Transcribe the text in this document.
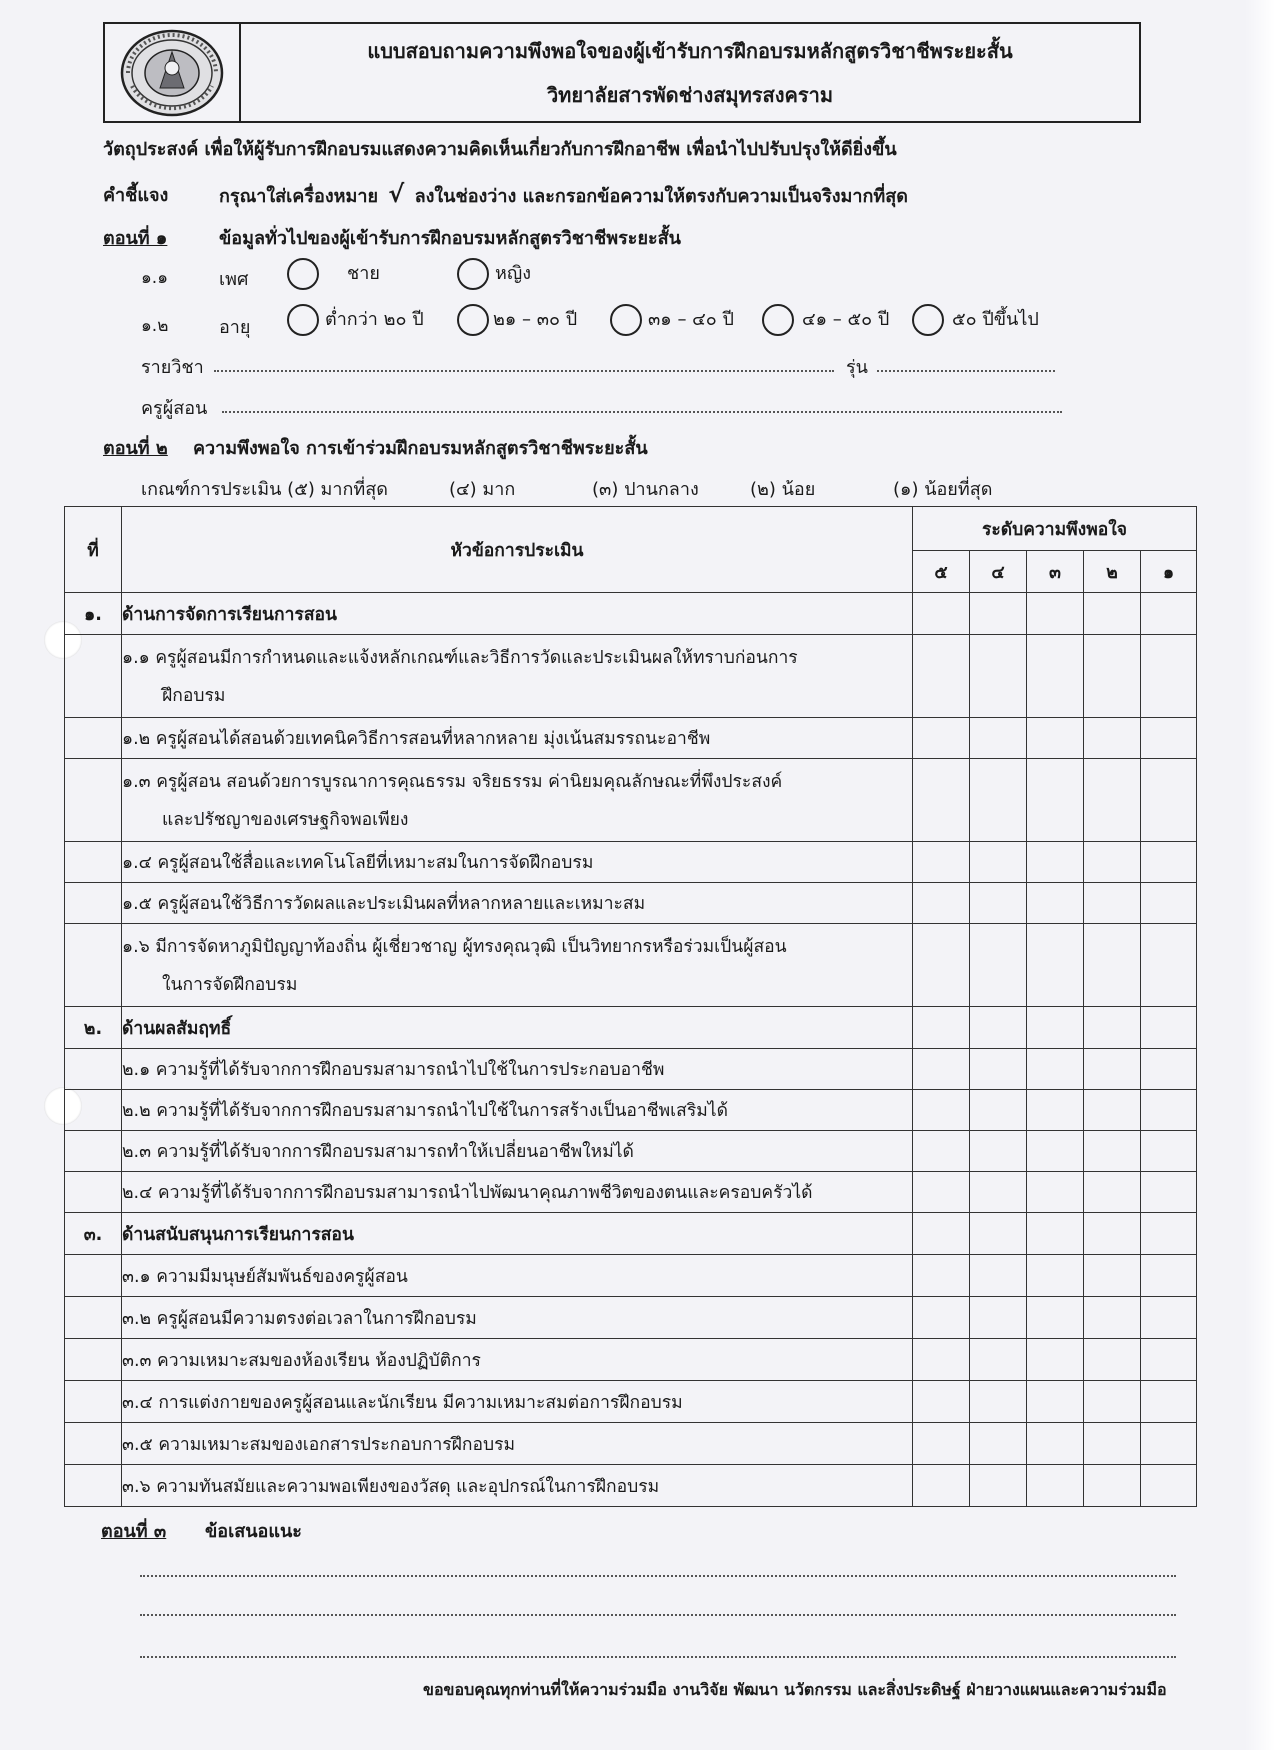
แบบสอบถามความพึงพอใจของผู้เข้ารับการฝึกอบรมหลักสูตรวิชาชีพระยะสั้น
วิทยาลัยสารพัดช่างสมุทรสงคราม
วัตถุประสงค์ เพื่อให้ผู้รับการฝึกอบรมแสดงความคิดเห็นเกี่ยวกับการฝึกอาชีพ เพื่อนำไปปรับปรุงให้ดียิ่งขึ้น
คำชี้แจง	กรุณาใส่เครื่องหมาย √ ลงในช่องว่าง และกรอกข้อความให้ตรงกับความเป็นจริงมากที่สุด
ตอนที่ ๑	ข้อมูลทั่วไปของผู้เข้ารับการฝึกอบรมหลักสูตรวิชาชีพระยะสั้น
๑.๑	เพศ	ชาย	หญิง
๑.๒	อายุ	ต่ำกว่า ๒๐ ปี	๒๑ – ๓๐ ปี	๓๑ – ๔๐ ปี	๔๑ – ๕๐ ปี	๕๐ ปีขึ้นไป
รายวิชา	รุ่น
ครูผู้สอน
ตอนที่ ๒ ความพึงพอใจ การเข้าร่วมฝึกอบรมหลักสูตรวิชาชีพระยะสั้น
เกณฑ์การประเมิน (๕) มากที่สุด	(๔) มาก	(๓) ปานกลาง	(๒) น้อย	(๑) น้อยที่สุด
ที่	หัวข้อการประเมิน	ระดับความพึงพอใจ				
		๕	๔	๓	๒	๑
๑.	ด้านการจัดการเรียนการสอน					

	๑.๑ ครูผู้สอนมีการกำหนดและแจ้งหลักเกณฑ์และวิธีการวัดและประเมินผลให้ทราบก่อนการ
ฝึกอบรม					

	๑.๒ ครูผู้สอนได้สอนด้วยเทคนิควิธีการสอนที่หลากหลาย มุ่งเน้นสมรรถนะอาชีพ					

	๑.๓ ครูผู้สอน สอนด้วยการบูรณาการคุณธรรม จริยธรรม ค่านิยมคุณลักษณะที่พึงประสงค์
และปรัชญาของเศรษฐกิจพอเพียง					

	๑.๔ ครูผู้สอนใช้สื่อและเทคโนโลยีที่เหมาะสมในการจัดฝึกอบรม					
	๑.๕ ครูผู้สอนใช้วิธีการวัดผลและประเมินผลที่หลากหลายและเหมาะสม					

	๑.๖ มีการจัดหาภูมิปัญญาท้องถิ่น ผู้เชี่ยวชาญ ผู้ทรงคุณวุฒิ เป็นวิทยากรหรือร่วมเป็นผู้สอน
ในการจัดฝึกอบรม					

๒.	ด้านผลสัมฤทธิ์					
	๒.๑ ความรู้ที่ได้รับจากการฝึกอบรมสามารถนำไปใช้ในการประกอบอาชีพ					
	๒.๒ ความรู้ที่ได้รับจากการฝึกอบรมสามารถนำไปใช้ในการสร้างเป็นอาชีพเสริมได้					
	๒.๓ ความรู้ที่ได้รับจากการฝึกอบรมสามารถทำให้เปลี่ยนอาชีพใหม่ได้					
	๒.๔ ความรู้ที่ได้รับจากการฝึกอบรมสามารถนำไปพัฒนาคุณภาพชีวิตของตนและครอบครัวได้					
๓.	ด้านสนับสนุนการเรียนการสอน					
	๓.๑ ความมีมนุษย์สัมพันธ์ของครูผู้สอน					
	๓.๒ ครูผู้สอนมีความตรงต่อเวลาในการฝึกอบรม					
	๓.๓ ความเหมาะสมของห้องเรียน ห้องปฏิบัติการ					
	๓.๔ การแต่งกายของครูผู้สอนและนักเรียน มีความเหมาะสมต่อการฝึกอบรม					
	๓.๕ ความเหมาะสมของเอกสารประกอบการฝึกอบรม					
	๓.๖ ความทันสมัยและความพอเพียงของวัสดุ และอุปกรณ์ในการฝึกอบรม					
ตอนที่ ๓ ข้อเสนอแนะ
ขอขอบคุณทุกท่านที่ให้ความร่วมมือ งานวิจัย พัฒนา นวัตกรรม และสิ่งประดิษฐ์ ฝ่ายวางแผนและความร่วมมือ
